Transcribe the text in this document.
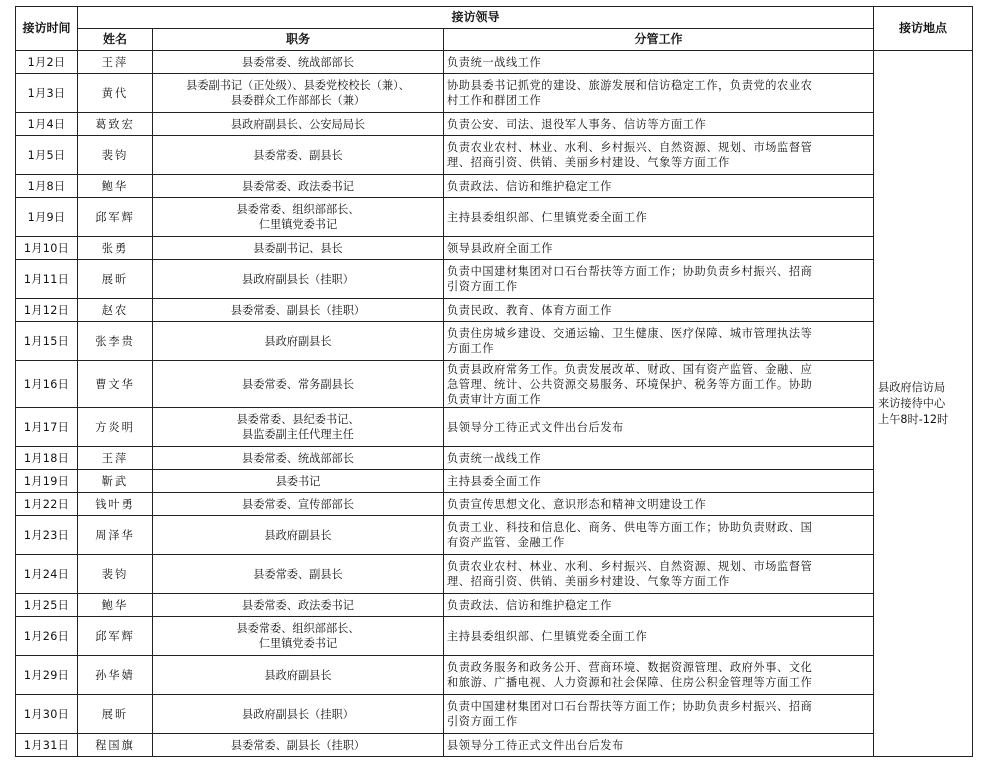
接访时间	接访领导			接访地点
	姓名	职务	分管工作	
1月2日	王萍	县委常委、统战部部长	负责统一战线工作	县政府信访局
来访接待中心
上午8时-12时

1月3日	黄代	县委副书记（正处级）、县委党校校长（兼）、
县委群众工作部部长（兼）	协助县委书记抓党的建设、旅游发展和信访稳定工作，负责党的农业农
村工作和群团工作	

1月4日	葛致宏	县政府副县长、公安局局长	负责公安、司法、退役军人事务、信访等方面工作	

1月5日	裴钧	县委常委、副县长	负责农业农村、林业、水利、乡村振兴、自然资源、规划、市场监督管
理、招商引资、供销、美丽乡村建设、气象等方面工作	

1月8日	鲍华	县委常委、政法委书记	负责政法、信访和维护稳定工作	

1月9日	邱军辉	县委常委、组织部部长、
仁里镇党委书记	主持县委组织部、仁里镇党委全面工作	

1月10日	张勇	县委副书记、县长	领导县政府全面工作	

1月11日	展昕	县政府副县长（挂职）	负责中国建材集团对口石台帮扶等方面工作；协助负责乡村振兴、招商
引资方面工作	

1月12日	赵农	县委常委、副县长（挂职）	负责民政、教育、体育方面工作	

1月15日	张李贵	县政府副县长	负责住房城乡建设、交通运输、卫生健康、医疗保障、城市管理执法等
方面工作	

1月16日	曹文华	县委常委、常务副县长	负责县政府常务工作。负责发展改革、财政、国有资产监管、金融、应
急管理、统计、公共资源交易服务、环境保护、税务等方面工作。协助
负责审计方面工作	

1月17日	方炎明	县委常委、县纪委书记、
县监委副主任代理主任	县领导分工待正式文件出台后发布	

1月18日	王萍	县委常委、统战部部长	负责统一战线工作	

1月19日	靳武	县委书记	主持县委全面工作	

1月22日	钱叶勇	县委常委、宣传部部长	负责宣传思想文化、意识形态和精神文明建设工作	

1月23日	周泽华	县政府副县长	负责工业、科技和信息化、商务、供电等方面工作；协助负责财政、国
有资产监管、金融工作	

1月24日	裴钧	县委常委、副县长	负责农业农村、林业、水利、乡村振兴、自然资源、规划、市场监督管
理、招商引资、供销、美丽乡村建设、气象等方面工作	

1月25日	鲍华	县委常委、政法委书记	负责政法、信访和维护稳定工作	

1月26日	邱军辉	县委常委、组织部部长、
仁里镇党委书记	主持县委组织部、仁里镇党委全面工作	

1月29日	孙华婧	县政府副县长	负责政务服务和政务公开、营商环境、数据资源管理、政府外事、文化
和旅游、广播电视、人力资源和社会保障、住房公积金管理等方面工作	

1月30日	展昕	县政府副县长（挂职）	负责中国建材集团对口石台帮扶等方面工作；协助负责乡村振兴、招商
引资方面工作	

1月31日	程国旗	县委常委、副县长（挂职）	县领导分工待正式文件出台后发布	
